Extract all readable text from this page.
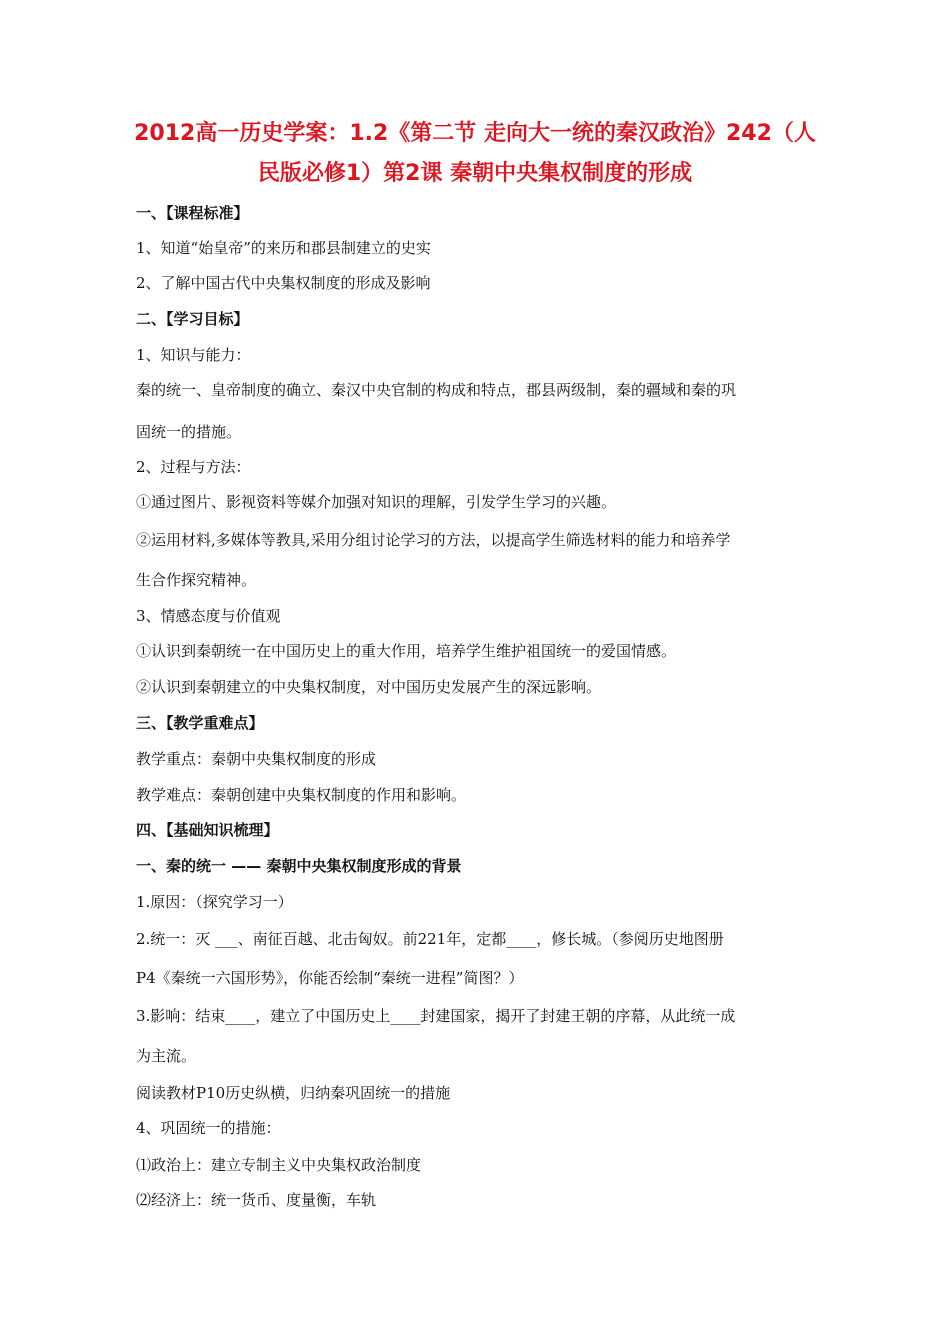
2012高一历史学案：1.2《第二节 走向大一统的秦汉政治》242（人
民版必修1）第2课 秦朝中央集权制度的形成
一、【课程标准】
1、知道“始皇帝”的来历和郡县制建立的史实
2、了解中国古代中央集权制度的形成及影响
二、【学习目标】
1、知识与能力：
秦的统一、皇帝制度的确立、秦汉中央官制的构成和特点，郡县两级制，秦的疆域和秦的巩
固统一的措施。
2、过程与方法：
①通过图片、影视资料等媒介加强对知识的理解，引发学生学习的兴趣。
②运用材料,多媒体等教具,采用分组讨论学习的方法，以提高学生筛选材料的能力和培养学
生合作探究精神。
3、情感态度与价值观
①认识到秦朝统一在中国历史上的重大作用，培养学生维护祖国统一的爱国情感。
②认识到秦朝建立的中央集权制度，对中国历史发展产生的深远影响。
三、【教学重难点】
教学重点：秦朝中央集权制度的形成
教学难点：秦朝创建中央集权制度的作用和影响。
四、【基础知识梳理】
一、秦的统一 —— 秦朝中央集权制度形成的背景
1.原因：（探究学习一）
2.统一：灭 ___、南征百越、北击匈奴。前221年，定都____，修长城。（参阅历史地图册
P4《秦统一六国形势》，你能否绘制“秦统一进程”简图？）
3.影响：结束____，建立了中国历史上____封建国家，揭开了封建王朝的序幕，从此统一成
为主流。
阅读教材P10历史纵横，归纳秦巩固统一的措施
4、巩固统一的措施：
⑴政治上：建立专制主义中央集权政治制度
⑵经济上：统一货币、度量衡，车轨
